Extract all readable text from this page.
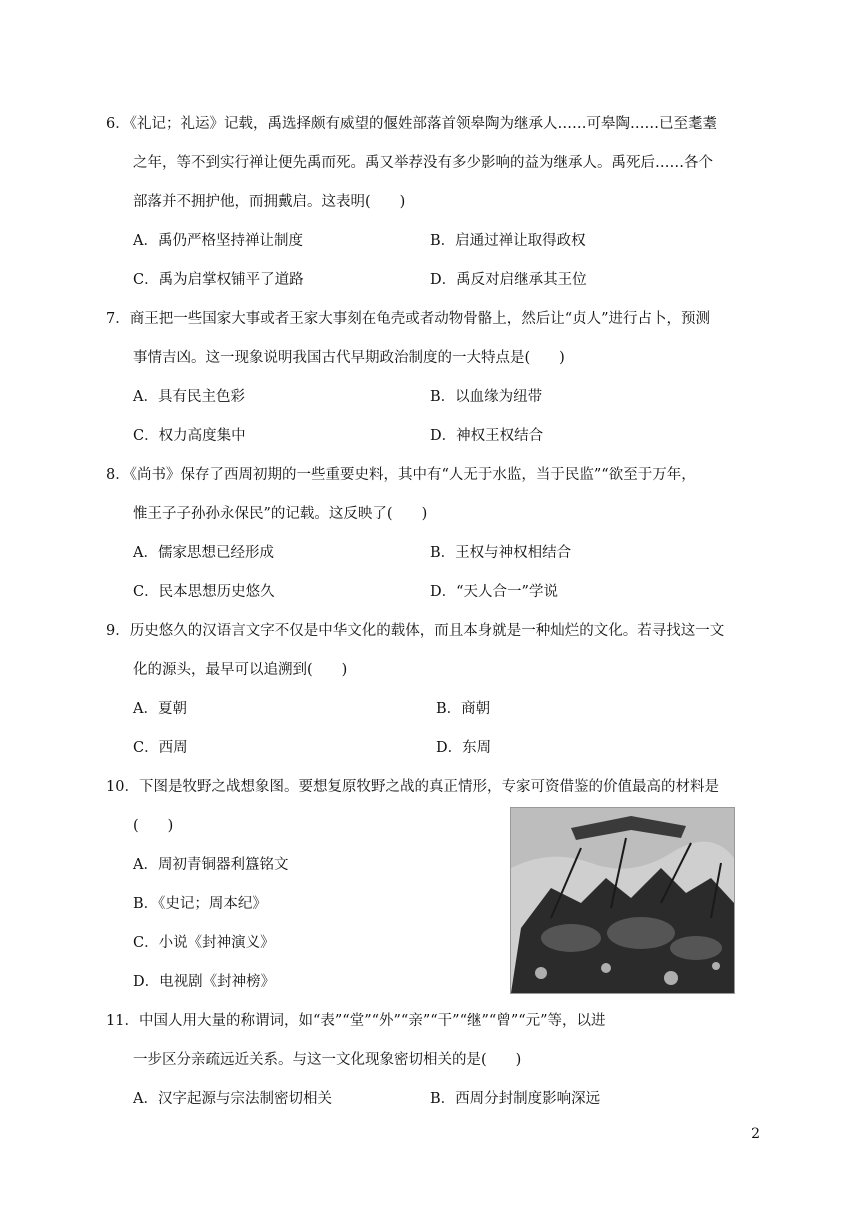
6．《礼记；礼运》记载，禹选择颇有威望的偃姓部落首领皋陶为继承人……可皋陶……已至耄耋
之年，等不到实行禅让便先禹而死。禹又举荐没有多少影响的益为继承人。禹死后……各个
部落并不拥护他，而拥戴启。这表明(　　)
A．禹仍严格坚持禅让制度	B．启通过禅让取得政权
C．禹为启掌权铺平了道路	D．禹反对启继承其王位
7．商王把一些国家大事或者王家大事刻在龟壳或者动物骨骼上，然后让“贞人”进行占卜，预测
事情吉凶。这一现象说明我国古代早期政治制度的一大特点是(　　)
A．具有民主色彩	B．以血缘为纽带
C．权力高度集中	D．神权王权结合
8．《尚书》保存了西周初期的一些重要史料，其中有“人无于水监，当于民监”“欲至于万年，
惟王子子孙孙永保民”的记载。这反映了(　　)
A．儒家思想已经形成	B．王权与神权相结合
C．民本思想历史悠久	D．“天人合一”学说
9．历史悠久的汉语言文字不仅是中华文化的载体，而且本身就是一种灿烂的文化。若寻找这一文
化的源头，最早可以追溯到(　　)
A．夏朝	B．商朝
C．西周	D．东周
10．下图是牧野之战想象图。要想复原牧野之战的真正情形，专家可资借鉴的价值最高的材料是
(　　)
A．周初青铜器利簋铭文
B．《史记；周本纪》
C．小说《封神演义》
D．电视剧《封神榜》
11．中国人用大量的称谓词，如“表”“堂”“外”“亲”“干”“继”“曾”“元”等，以进
一步区分亲疏远近关系。与这一文化现象密切相关的是(　　)
A．汉字起源与宗法制密切相关	B．西周分封制度影响深远
2
